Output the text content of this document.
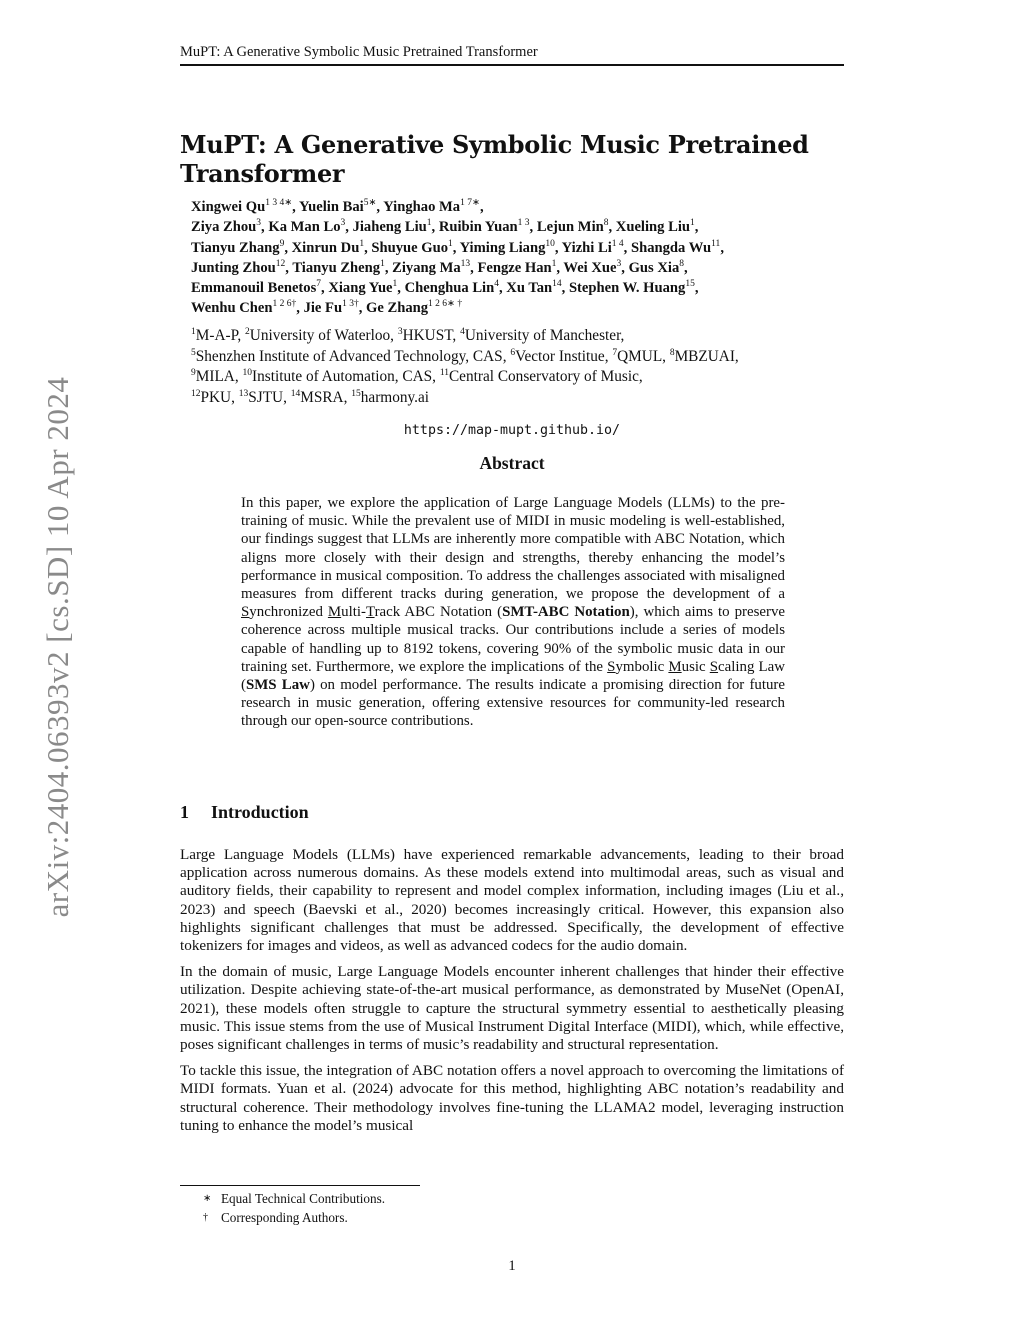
arXiv:2404.06393v2 [cs.SD] 10 Apr 2024
MuPT: A Generative Symbolic Music Pretrained Transformer
MuPT: A Generative Symbolic Music Pretrained Transformer
Xingwei $Qu^{1 3 4∗}$, Yuelin Bai$^{5∗}$, Yinghao $Ma^{1 7∗}$,
Ziya Zhou$^3$, Ka Man Lo$^3$, Jiaheng Liu$^1$, Ruibin Yuan$^{1 3}$, Lejun Min$^8$, Xueling Liu$^1$,
Tianyu Zhang$^9$, Xinrun Du$^1$, Shuyue Guo$^1$, Yiming Liang$^{10}$, Yizhi $Li^{1 4}$, Shangda Wu$^{11}$,
Junting Zhou$^{12}$, Tianyu Zheng$^1$, Ziyang Ma$^{13}$, Fengze Han$^1$, Wei Xue$^3$, Gus Xia$^8$,
Emmanouil Benetos$^7$, Xiang Yue$^1$, Chenghua Lin$^4$, Xu Tan$^{14}$, Stephen W. Huang$^{15}$,
Wenhu Chen$^{1 2 6\dagger}$, Jie $Fu^{1 3\dagger}$, Ge Zhang$^{1 2 6∗ \dagger}$
$^1$M-A-P, $^2$University of Waterloo, $^3$HKUST, $^4$University of Manchester,
$^5$Shenzhen Institute of Advanced Technology, CAS, $^6$Vector Institue, $^7$QMUL, $^8$MBZUAI,
$^9$MILA, $^{10}$Institute of Automation, CAS, $^{11}$Central Conservatory of Music,
$^{12}$PKU, $^{13}$SJTU, $^{14}$MSRA, $^{15}$harmony.ai
https://map-mupt.github.io/
Abstract

In this paper, we explore the application of Large Language Models (LLMs) to the pre-training of music. While the prevalent use of MIDI in music modeling is well-established, our findings suggest that LLMs are inherently more compatible with ABC Notation, which aligns more closely with their design and strengths, thereby enhancing the model’s performance in musical composition. To address the challenges associated with misaligned measures from different tracks during generation, we propose the development of a Synchronized Multi-Track ABC Notation (SMT-ABC Notation), which aims to preserve coherence across multiple musical tracks. Our contributions include a series of models capable of handling up to 8192 tokens, covering 90% of the symbolic music data in our training set. Furthermore, we explore the implications of the Symbolic Music Scaling Law (SMS Law) on model performance. The results indicate a promising direction for future research in music generation, offering extensive resources for community-led research through our open-source contributions.

1 Introduction

Large Language Models (LLMs) have experienced remarkable advancements, leading to their broad application across numerous domains. As these models extend into multimodal areas, such as visual and auditory fields, their capability to represent and model complex information, including images (Liu et al., 2023) and speech (Baevski et al., 2020) becomes increasingly critical. However, this expansion also highlights significant challenges that must be addressed. Specifically, the development of effective tokenizers for images and videos, as well as advanced codecs for the audio domain.

In the domain of music, Large Language Models encounter inherent challenges that hinder their effective utilization. Despite achieving state-of-the-art musical performance, as demonstrated by MuseNet (OpenAI, 2021), these models often struggle to capture the structural symmetry essential to aesthetically pleasing music. This issue stems from the use of Musical Instrument Digital Interface (MIDI), which, while effective, poses significant challenges in terms of music’s readability and structural representation.

To tackle this issue, the integration of ABC notation offers a novel approach to overcoming the limitations of MIDI formats. Yuan et al. (2024) advocate for this method, highlighting ABC notation’s readability and structural coherence. Their methodology involves fine-tuning the LLAMA2 model, leveraging instruction tuning to enhance the model’s musical

∗ Equal Technical Contributions.
† Corresponding Authors.
1
